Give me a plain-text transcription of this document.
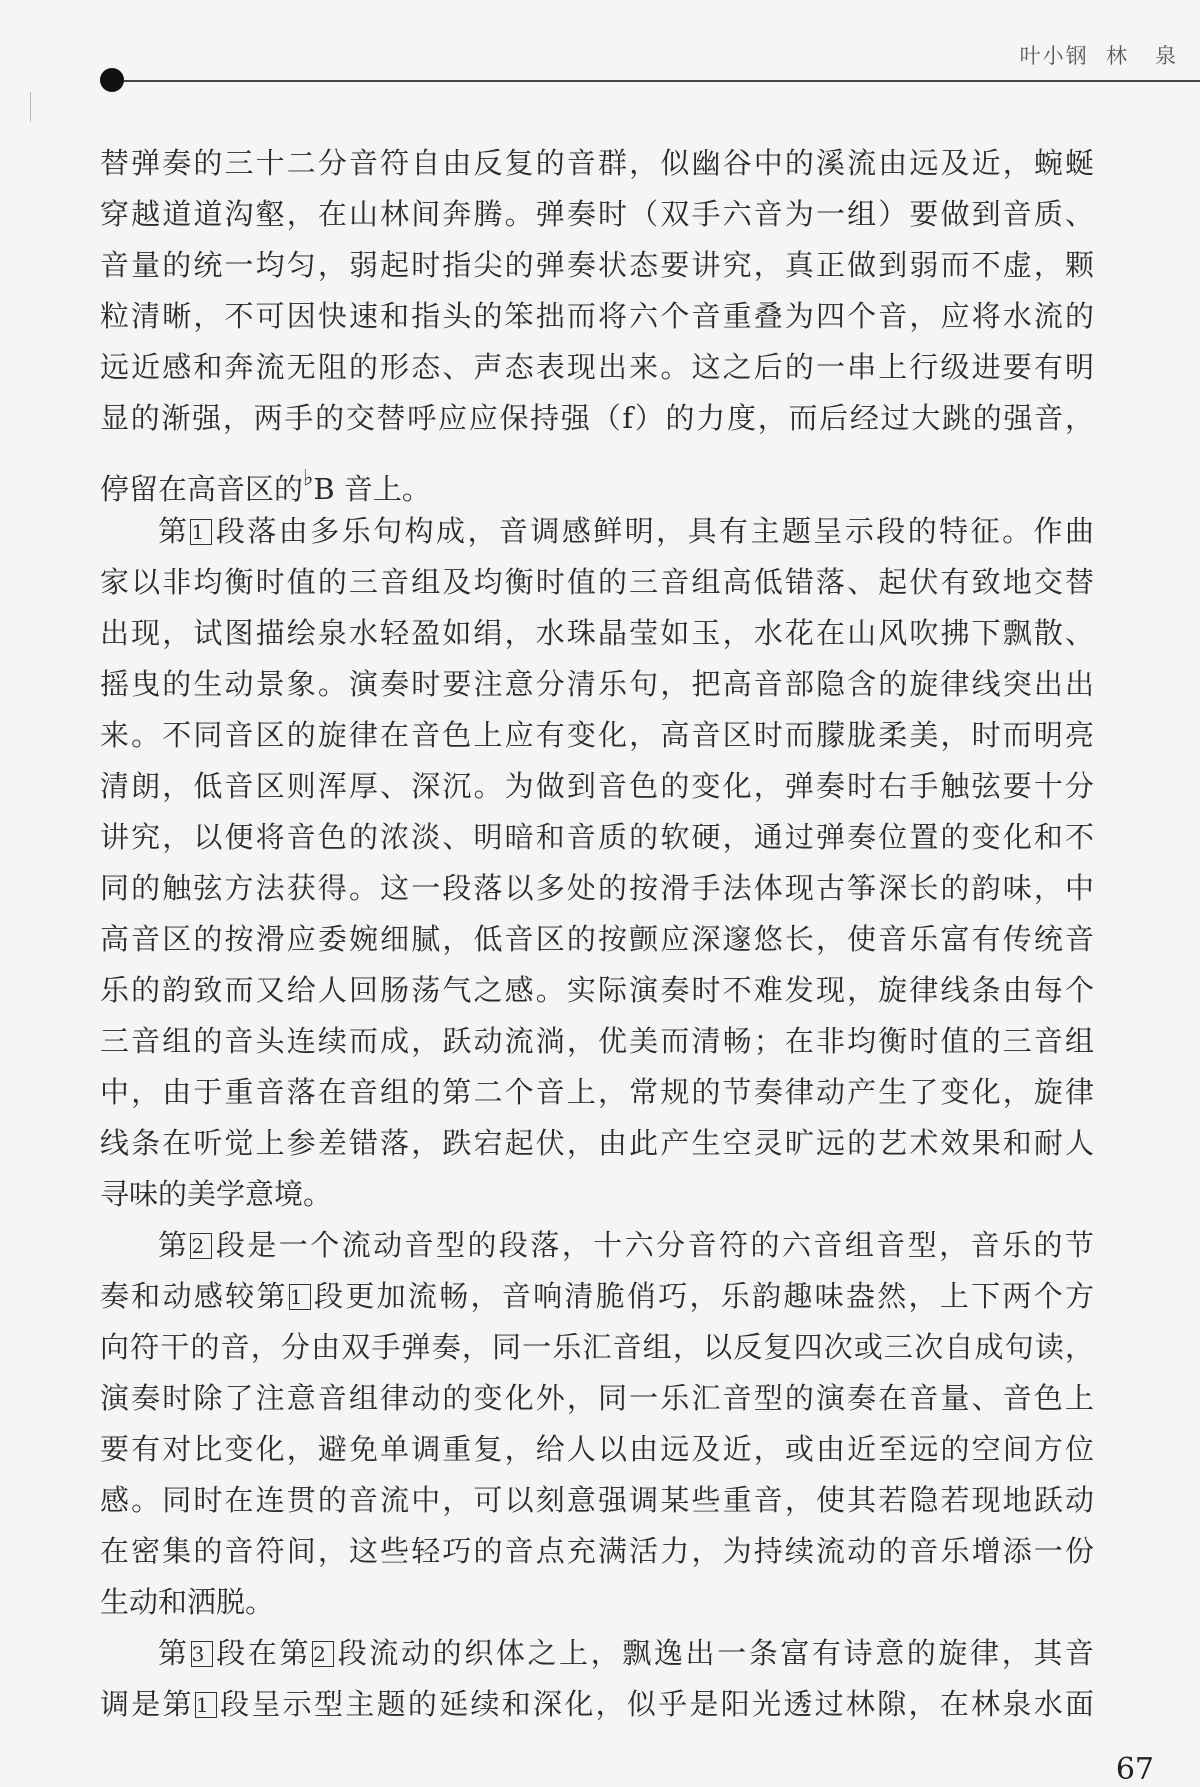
叶小钢  林   泉
替弹奏的三十二分音符自由反复的音群，似幽谷中的溪流由远及近，蜿蜒
穿越道道沟壑，在山林间奔腾。弹奏时（双手六音为一组）要做到音质、
音量的统一均匀，弱起时指尖的弹奏状态要讲究，真正做到弱而不虚，颗
粒清晰，不可因快速和指头的笨拙而将六个音重叠为四个音，应将水流的
远近感和奔流无阻的形态、声态表现出来。这之后的一串上行级进要有明
显的渐强，两手的交替呼应应保持强（f）的力度，而后经过大跳的强音，
停留在高音区的♭B 音上。
第 1 段落由多乐句构成，音调感鲜明，具有主题呈示段的特征。作曲
家以非均衡时值的三音组及均衡时值的三音组高低错落、起伏有致地交替
出现，试图描绘泉水轻盈如绢，水珠晶莹如玉，水花在山风吹拂下飘散、
摇曳的生动景象。演奏时要注意分清乐句，把高音部隐含的旋律线突出出
来。不同音区的旋律在音色上应有变化，高音区时而朦胧柔美，时而明亮
清朗，低音区则浑厚、深沉。为做到音色的变化，弹奏时右手触弦要十分
讲究，以便将音色的浓淡、明暗和音质的软硬，通过弹奏位置的变化和不
同的触弦方法获得。这一段落以多处的按滑手法体现古筝深长的韵味，中
高音区的按滑应委婉细腻，低音区的按颤应深邃悠长，使音乐富有传统音
乐的韵致而又给人回肠荡气之感。实际演奏时不难发现，旋律线条由每个
三音组的音头连续而成，跃动流淌，优美而清畅；在非均衡时值的三音组
中，由于重音落在音组的第二个音上，常规的节奏律动产生了变化，旋律
线条在听觉上参差错落，跌宕起伏，由此产生空灵旷远的艺术效果和耐人
寻味的美学意境。
第 2 段是一个流动音型的段落，十六分音符的六音组音型，音乐的节
奏和动感较第 1 段更加流畅，音响清脆俏巧，乐韵趣味盎然，上下两个方
向符干的音，分由双手弹奏，同一乐汇音组，以反复四次或三次自成句读，
演奏时除了注意音组律动的变化外，同一乐汇音型的演奏在音量、音色上
要有对比变化，避免单调重复，给人以由远及近，或由近至远的空间方位
感。同时在连贯的音流中，可以刻意强调某些重音，使其若隐若现地跃动
在密集的音符间，这些轻巧的音点充满活力，为持续流动的音乐增添一份
生动和洒脱。
第 3 段在第 2 段流动的织体之上，飘逸出一条富有诗意的旋律，其音
调是第 1 段呈示型主题的延续和深化，似乎是阳光透过林隙，在林泉水面
67
